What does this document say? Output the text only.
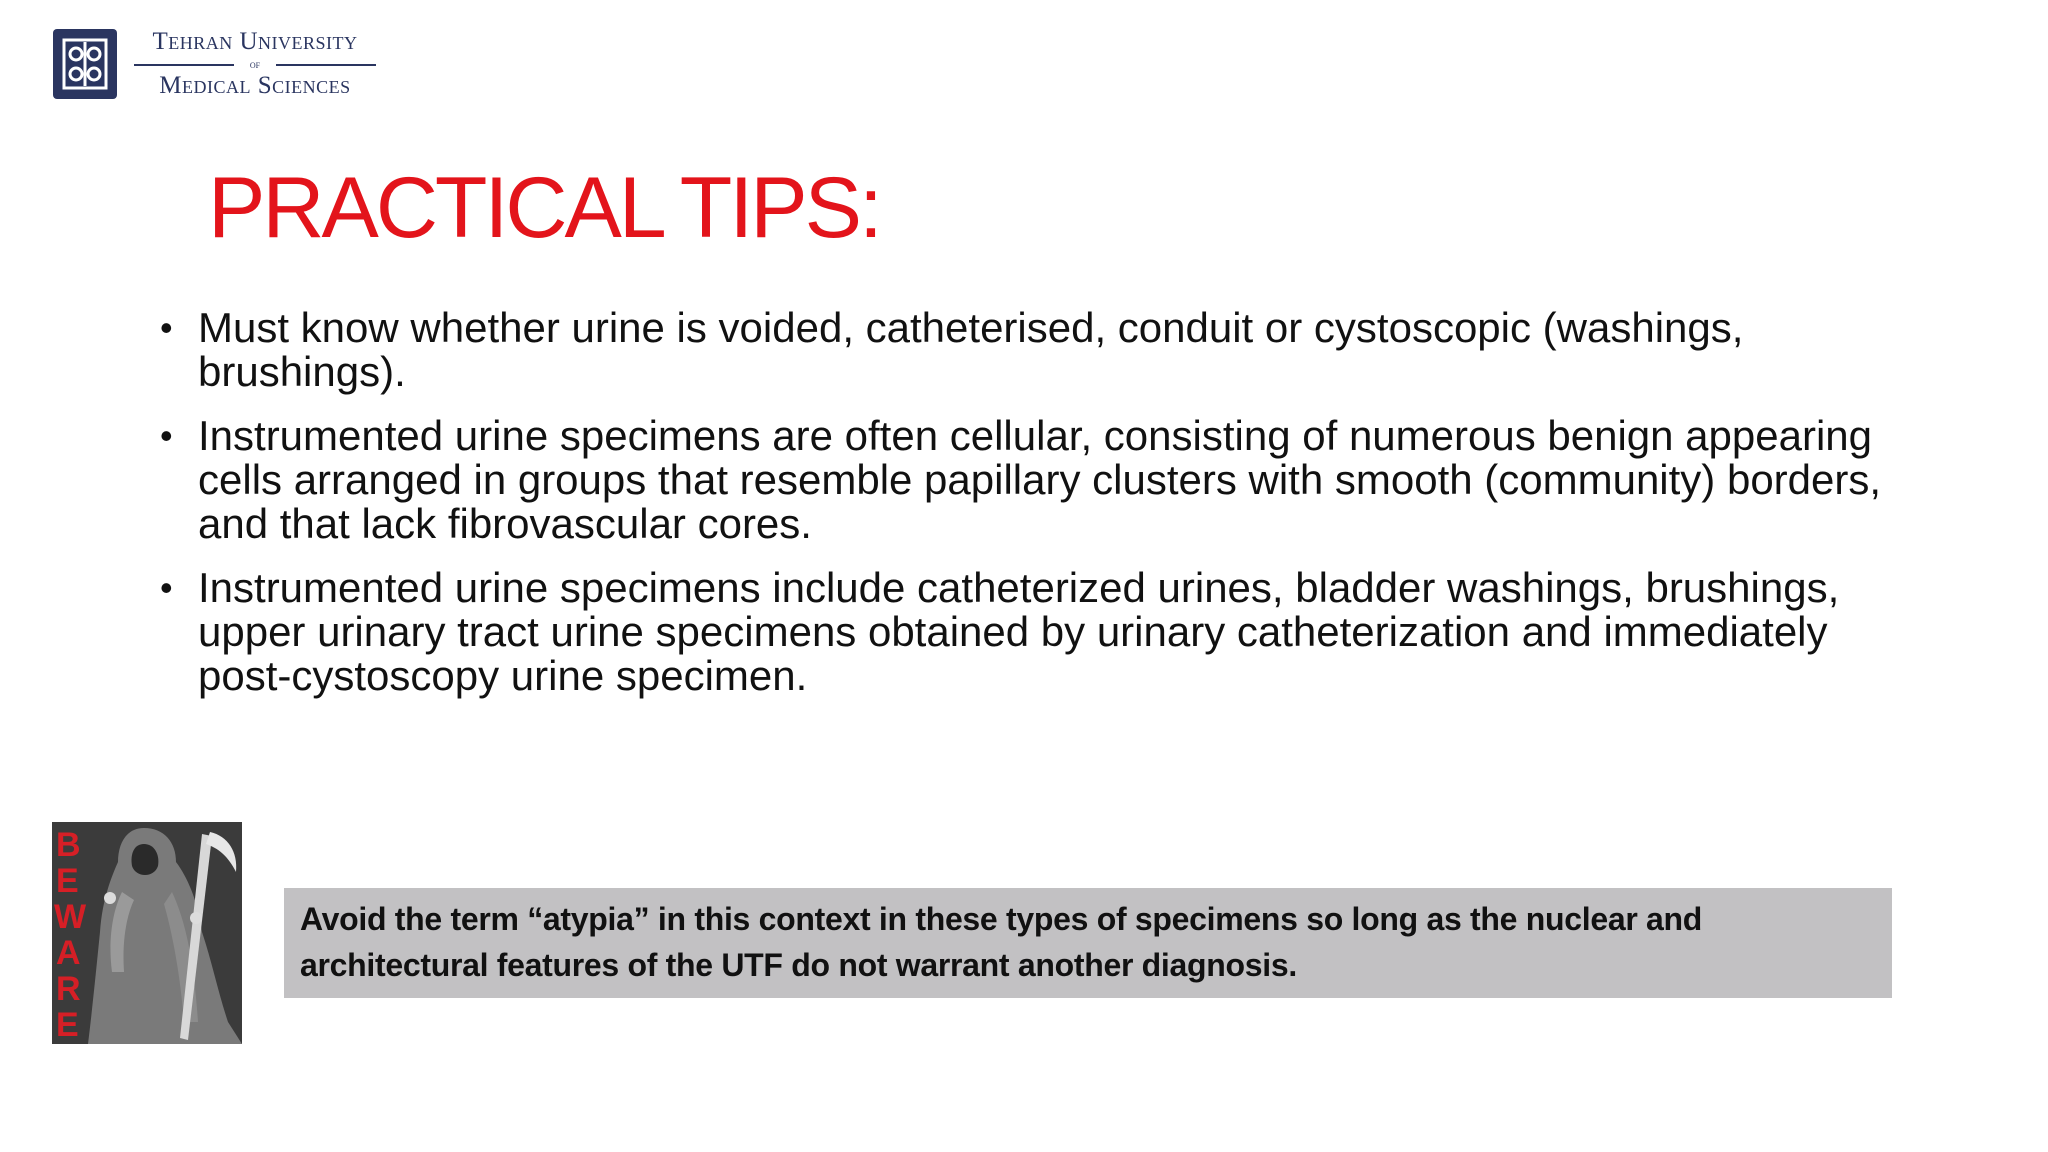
Tehran University
of
Medical Sciences
PRACTICAL TIPS:
• Must know whether urine is voided, catheterised, conduit or cystoscopic (washings, brushings).
• Instrumented urine specimens are often cellular, consisting of numerous benign appearing cells arranged in groups that resemble papillary clusters with smooth (community) borders, and that lack fibrovascular cores.
• Instrumented urine specimens include catheterized urines, bladder washings, brushings, upper urinary tract urine specimens obtained by urinary catheterization and immediately post-cystoscopy urine specimen.
B
E
W
A
R
E
Avoid the term “atypia” in this context in these types of specimens so long as the nuclear and architectural features of the UTF do not warrant another diagnosis.
